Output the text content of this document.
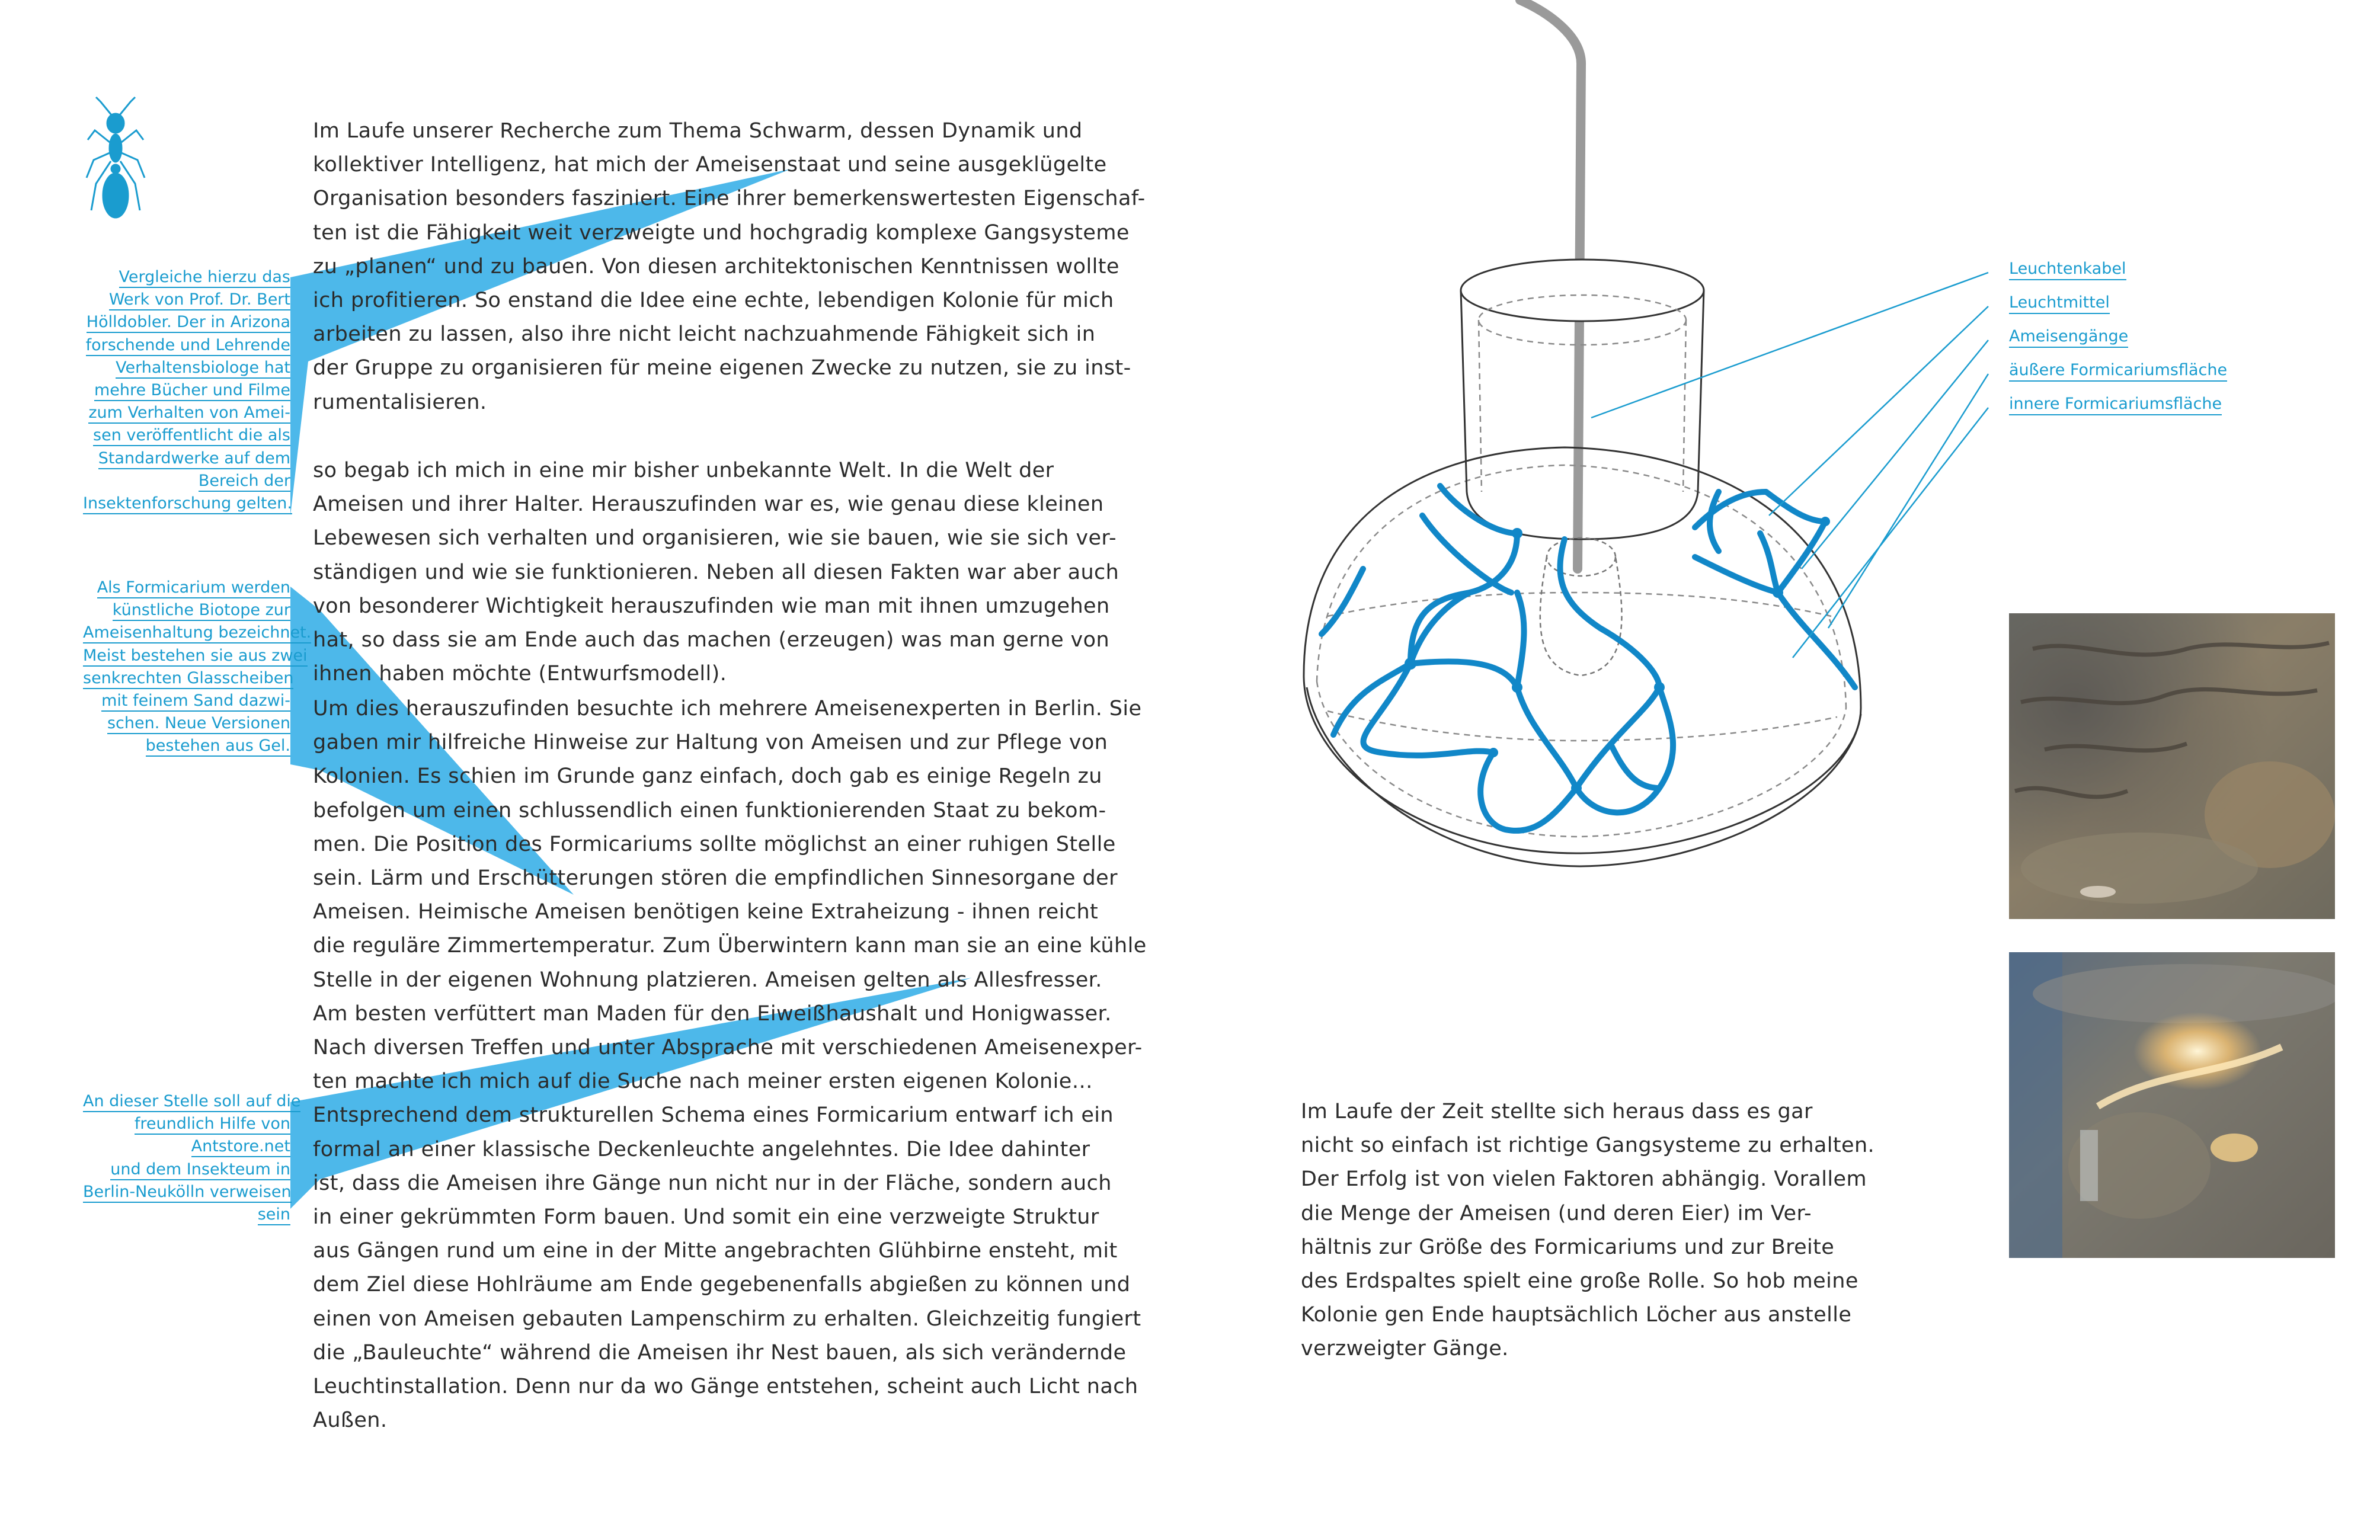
Vergleiche hierzu das
Werk von Prof. Dr. Bert
Hölldobler. Der in Arizona
forschende und Lehrende
Verhaltensbiologe hat
mehre Bücher und Filme
zum Verhalten von Amei-
sen veröffentlicht die als
Standardwerke auf dem
Bereich der
Insektenforschung gelten.
Als Formicarium werden
künstliche Biotope zur
Ameisenhaltung bezeichnet.
Meist bestehen sie aus zwei
senkrechten Glasscheiben
mit feinem Sand dazwi-
schen. Neue Versionen
bestehen aus Gel.
An dieser Stelle soll auf die
freundlich Hilfe von
Antstore.net
und dem Insekteum in
Berlin-Neukölln verweisen
sein
Im Laufe unserer Recherche zum Thema Schwarm, dessen Dynamik und
kollektiver Intelligenz, hat mich der Ameisenstaat und seine ausgeklügelte
Organisation besonders fasziniert. Eine ihrer bemerkenswertesten Eigenschaf-
ten ist die Fähigkeit weit verzweigte und hochgradig komplexe Gangsysteme
zu „planen“ und zu bauen. Von diesen architektonischen Kenntnissen wollte
ich profitieren. So enstand die Idee eine echte, lebendigen Kolonie für mich
arbeiten zu lassen, also ihre nicht leicht nachzuahmende Fähigkeit sich in
der Gruppe zu organisieren für meine eigenen Zwecke zu nutzen, sie zu inst-
rumentalisieren.
so begab ich mich in eine mir bisher unbekannte Welt. In die Welt der
Ameisen und ihrer Halter. Herauszufinden war es, wie genau diese kleinen
Lebewesen sich verhalten und organisieren, wie sie bauen, wie sie sich ver-
ständigen und wie sie funktionieren. Neben all diesen Fakten war aber auch
von besonderer Wichtigkeit herauszufinden wie man mit ihnen umzugehen
hat, so dass sie am Ende auch das machen (erzeugen) was man gerne von
ihnen haben möchte (Entwurfsmodell).
Um dies herauszufinden besuchte ich mehrere Ameisenexperten in Berlin. Sie
gaben mir hilfreiche Hinweise zur Haltung von Ameisen und zur Pflege von
Kolonien. Es schien im Grunde ganz einfach, doch gab es einige Regeln zu
befolgen um einen schlussendlich einen funktionierenden Staat zu bekom-
men. Die Position des Formicariums sollte möglichst an einer ruhigen Stelle
sein. Lärm und Erschütterungen stören die empfindlichen Sinnesorgane der
Ameisen. Heimische Ameisen benötigen keine Extraheizung - ihnen reicht
die reguläre Zimmertemperatur. Zum Überwintern kann man sie an eine kühle
Stelle in der eigenen Wohnung platzieren. Ameisen gelten als Allesfresser.
Am besten verfüttert man Maden für den Eiweißhaushalt und Honigwasser.
Nach diversen Treffen und unter Absprache mit verschiedenen Ameisenexper-
ten machte ich mich auf die Suche nach meiner ersten eigenen Kolonie…
Entsprechend dem strukturellen Schema eines Formicarium entwarf ich ein
formal an einer klassische Deckenleuchte angelehntes. Die Idee dahinter
ist, dass die Ameisen ihre Gänge nun nicht nur in der Fläche, sondern auch
in einer gekrümmten Form bauen. Und somit ein eine verzweigte Struktur
aus Gängen rund um eine in der Mitte angebrachten Glühbirne ensteht, mit
dem Ziel diese Hohlräume am Ende gegebenenfalls abgießen zu können und
einen von Ameisen gebauten Lampenschirm zu erhalten. Gleichzeitig fungiert
die „Bauleuchte“ während die Ameisen ihr Nest bauen, als sich verändernde
Leuchtinstallation. Denn nur da wo Gänge entstehen, scheint auch Licht nach
Außen.
Leuchtenkabel
Leuchtmittel
Ameisengänge
äußere Formicariumsfläche
innere Formicariumsfläche
Im Laufe der Zeit stellte sich heraus dass es gar
nicht so einfach ist richtige Gangsysteme zu erhalten.
Der Erfolg ist von vielen Faktoren abhängig. Vorallem
die Menge der Ameisen (und deren Eier) im Ver-
hältnis zur Größe des Formicariums und zur Breite
des Erdspaltes spielt eine große Rolle. So hob meine
Kolonie gen Ende hauptsächlich Löcher aus anstelle
verzweigter Gänge.
